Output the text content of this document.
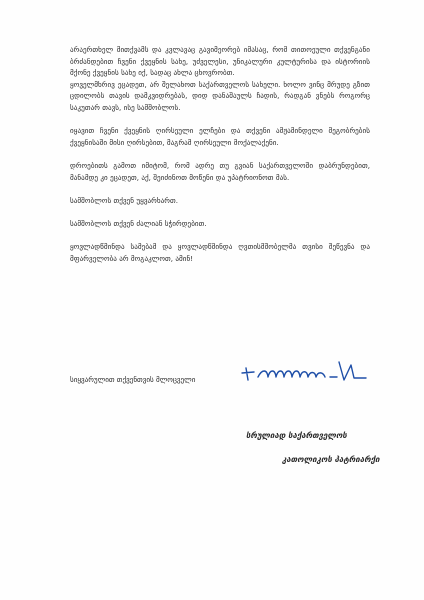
არაერთხელ მითქვამს და კვლავაც გავიმეორებ იმასაც, რომ თითოეული თქვენგანი ბრძანდებით ჩვენი ქვეყნის სახე, უძველესი, უნიკალური კულტურისა და ისტორიის მქონე ქვეყნის სახე იქ, სადაც ახლა ცხოვრობთ.

ყოველმხრივ ეცადეთ, არ შელახოთ საქართველოს სახელი. ხოლო ვინც მრუდე გზით ცდილობს თავის დამკვიდრებას, დიდ დანაშაულს ჩადის, რადგან ვნებს როგორც საკუთარ თავს, ისე სამშობლოს.

იყავით ჩვენი ქვეყნის ღირსეული ელჩები და თქვენი ამჟამინდელი მეგობრების ქვეყნისაში მისი ღირსებით, მაგრამ ღირსეული მოქალაქენი.

დროებითს გამოთ იმიტომ, რომ ადრე თუ გვიან საქართველოში დაბრუნდებით, მანამდე კი ეცადეთ, აქ, შეიძინოთ მოწენი და უპატრიონოთ მას.

სამშობლოს თქვენ უყვარხართ.

სამშობლოს თქვენ ძალიან სჭირდებით.

ყოვლადწმინდა სამებამ და ყოვლადწმინდა ღვთისმშობელმა თვისი შეწევნა და მფარველობა არ მოგაკლოთ, ამინ!

სიყვარულით თქვენთვის მლოცველი
სრულიად საქართველოს
კათოლიკოს პატრიარქი
